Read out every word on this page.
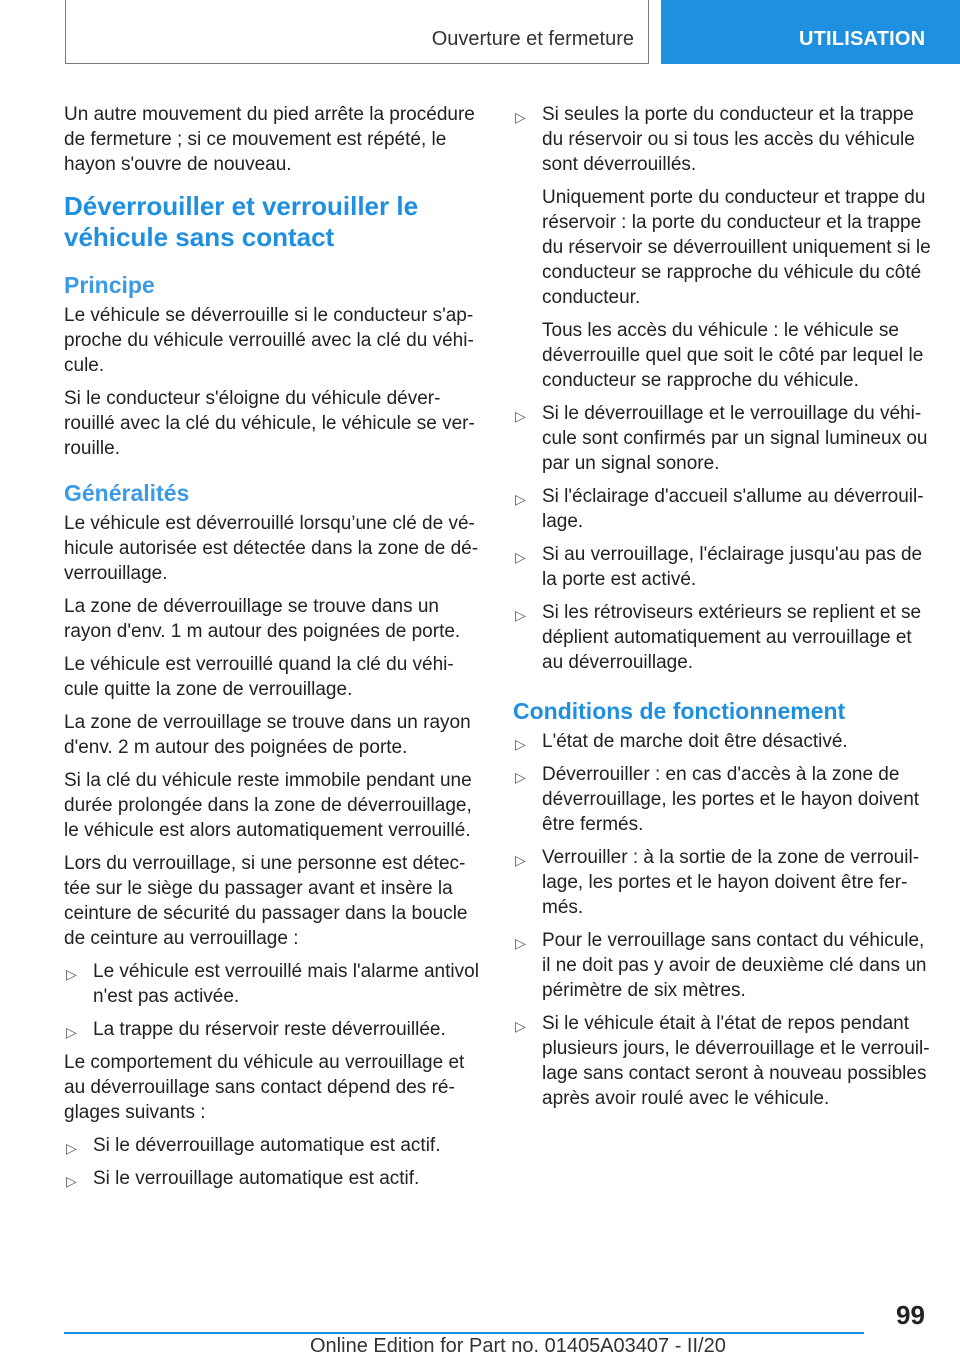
Ouverture et fermeture	UTILISATION

Un autre mouvement du pied arrête la procédure de fermeture ; si ce mouvement est répété, le hayon s'ouvre de nouveau.

Déverrouiller et verrouiller le véhicule sans contact
Principe

Le véhicule se déverrouille si le conducteur s'approche du véhicule verrouillé avec la clé du véhicule.

Si le conducteur s'éloigne du véhicule déverrouillé avec la clé du véhicule, le véhicule se verrouille.

Généralités

Le véhicule est déverrouillé lorsqu’une clé de véhicule autorisée est détectée dans la zone de déverrouillage.

La zone de déverrouillage se trouve dans un rayon d'env. 1 m autour des poignées de porte.

Le véhicule est verrouillé quand la clé du véhicule quitte la zone de verrouillage.

La zone de verrouillage se trouve dans un rayon d'env. 2 m autour des poignées de porte.

Si la clé du véhicule reste immobile pendant une durée prolongée dans la zone de déverrouillage, le véhicule est alors automatiquement verrouillé.

Lors du verrouillage, si une personne est détectée sur le siège du passager avant et insère la ceinture de sécurité du passager dans la boucle de ceinture au verrouillage :

▷ Le véhicule est verrouillé mais l'alarme antivol n'est pas activée.
▷ La trappe du réservoir reste déverrouillée.

Le comportement du véhicule au verrouillage et au déverrouillage sans contact dépend des réglages suivants :

▷ Si le déverrouillage automatique est actif.
▷ Si le verrouillage automatique est actif.
▷ Si seules la porte du conducteur et la trappe du réservoir ou si tous les accès du véhicule sont déverrouillés.

Uniquement porte du conducteur et trappe du réservoir : la porte du conducteur et la trappe du réservoir se déverrouillent uniquement si le conducteur se rapproche du véhicule du côté conducteur.

Tous les accès du véhicule : le véhicule se déverrouille quel que soit le côté par lequel le conducteur se rapproche du véhicule.

▷ Si le déverrouillage et le verrouillage du véhicule sont confirmés par un signal lumineux ou par un signal sonore.
▷ Si l'éclairage d'accueil s'allume au déverrouillage.
▷ Si au verrouillage, l'éclairage jusqu'au pas de la porte est activé.
▷ Si les rétroviseurs extérieurs se replient et se déplient automatiquement au verrouillage et au déverrouillage.
Conditions de fonctionnement
▷ L'état de marche doit être désactivé.
▷ Déverrouiller : en cas d'accès à la zone de déverrouillage, les portes et le hayon doivent être fermés.
▷ Verrouiller : à la sortie de la zone de verrouillage, les portes et le hayon doivent être fermés.
▷ Pour le verrouillage sans contact du véhicule, il ne doit pas y avoir de deuxième clé dans un périmètre de six mètres.
▷ Si le véhicule était à l'état de repos pendant plusieurs jours, le déverrouillage et le verrouillage sans contact seront à nouveau possibles après avoir roulé avec le véhicule.
99
Online Edition for Part no. 01405A03407 - II/20
